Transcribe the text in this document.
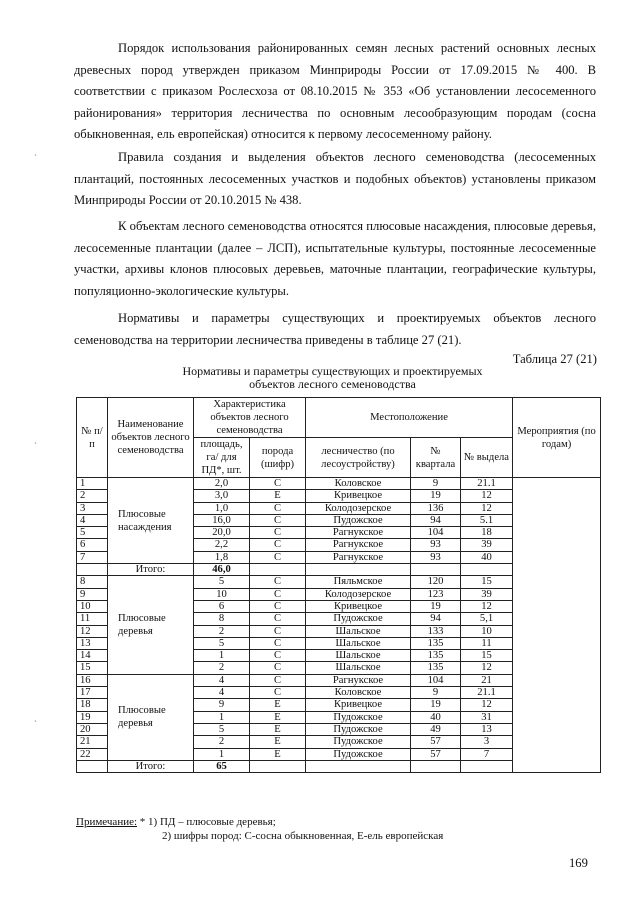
Порядок использования районированных семян лесных растений основных лесных древесных пород утвержден приказом Минприроды России от 17.09.2015 № 400. В соответствии с приказом Рослесхоза от 08.10.2015 № 353 «Об установлении лесосеменного районирования» территория лесничества по основным лесообразующим породам (сосна обыкновенная, ель европейская) относится к первому лесосеменному району.

Правила создания и выделения объектов лесного семеноводства (лесосеменных плантаций, постоянных лесосеменных участков и подобных объектов) установлены приказом Минприроды России от 20.10.2015 № 438.

К объектам лесного семеноводства относятся плюсовые насаждения, плюсовые деревья, лесосеменные плантации (далее – ЛСП), испытательные культуры, постоянные лесосеменные участки, архивы клонов плюсовых деревьев, маточные плантации, географические культуры, популяционно-экологические культуры.

Нормативы и параметры существующих и проектируемых объектов лесного семеноводства на территории лесничества приведены в таблице 27 (21).

Таблица 27 (21)
Нормативы и параметры существующих и проектируемых объектов лесного семеноводства
№ п/п	Наименование объектов лесного семеноводства	Характеристика объектов лесного семеноводства		Местоположение			Мероприятия (по годам)
		площадь, га/ для ПД*, шт.	порода (шифр)	лесничество (по лесоустройству)	№ квартала	№ выдела	
1	Плюсовые насаждения	2,0	С	Коловское	9	21.1	
2		3,0	Е	Кривецкое	19	12	
3		1,0	С	Колодозерское	136	12	
4		16,0	С	Пудожское	94	5.1	
5		20,0	С	Рагнукское	104	18	
6		2,2	С	Рагнукское	93	39	
7		1,8	С	Рагнукское	93	40	
	Итого:	46,0					
8	Плюсовые деревья	5	С	Пяльмское	120	15	
9		10	С	Колодозерское	123	39	
10		6	С	Кривецкое	19	12	
11		8	С	Пудожское	94	5,1	
12		2	С	Шальское	133	10	
13		5	С	Шальское	135	11	
14		1	С	Шальское	135	15	
15		2	С	Шальское	135	12	
16	Плюсовые деревья	4	С	Рагнукское	104	21	
17		4	С	Коловское	9	21.1	
18		9	Е	Кривецкое	19	12	
19		1	Е	Пудожское	40	31	
20		5	Е	Пудожское	49	13	
21		2	Е	Пудожское	57	3	
22		1	Е	Пудожское	57	7	
	Итого:	65					
Примечание: * 1) ПД – плюсовые деревья;
2) шифры пород: С-сосна обыкновенная, Е-ель европейская
169
ˏ
ˏ
ˏ
